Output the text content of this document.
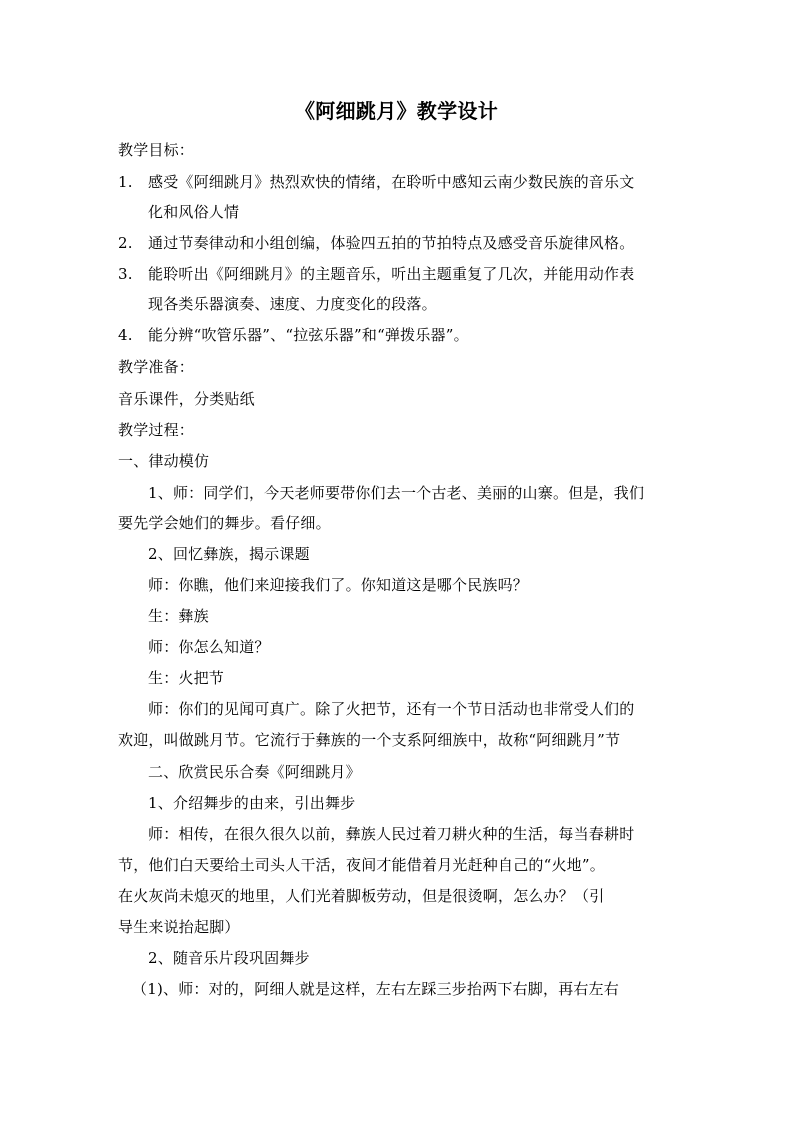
《阿细跳月》教学设计
教学目标：
1. 感受《阿细跳月》热烈欢快的情绪，在聆听中感知云南少数民族的音乐文
化和风俗人情
2. 通过节奏律动和小组创编，体验四五拍的节拍特点及感受音乐旋律风格。
3. 能聆听出《阿细跳月》的主题音乐，听出主题重复了几次，并能用动作表
现各类乐器演奏、速度、力度变化的段落。
4. 能分辨“吹管乐器”、“拉弦乐器”和“弹拨乐器”。
教学准备：
音乐课件，分类贴纸
教学过程：
一、律动模仿
1、师：同学们，今天老师要带你们去一个古老、美丽的山寨。但是，我们
要先学会她们的舞步。看仔细。
2、回忆彝族，揭示课题
师：你瞧，他们来迎接我们了。你知道这是哪个民族吗？
生：彝族
师：你怎么知道？
生：火把节
师：你们的见闻可真广。除了火把节，还有一个节日活动也非常受人们的
欢迎，叫做跳月节。它流行于彝族的一个支系阿细族中，故称“阿细跳月”节
二、欣赏民乐合奏《阿细跳月》
1、介绍舞步的由来，引出舞步
师：相传，在很久很久以前，彝族人民过着刀耕火种的生活，每当春耕时
节，他们白天要给土司头人干活，夜间才能借着月光赶种自己的“火地”。
在火灰尚未熄灭的地里，人们光着脚板劳动，但是很烫啊，怎么办？（引
导生来说抬起脚）
2、随音乐片段巩固舞步
（1)、师：对的，阿细人就是这样，左右左踩三步抬两下右脚，再右左右
